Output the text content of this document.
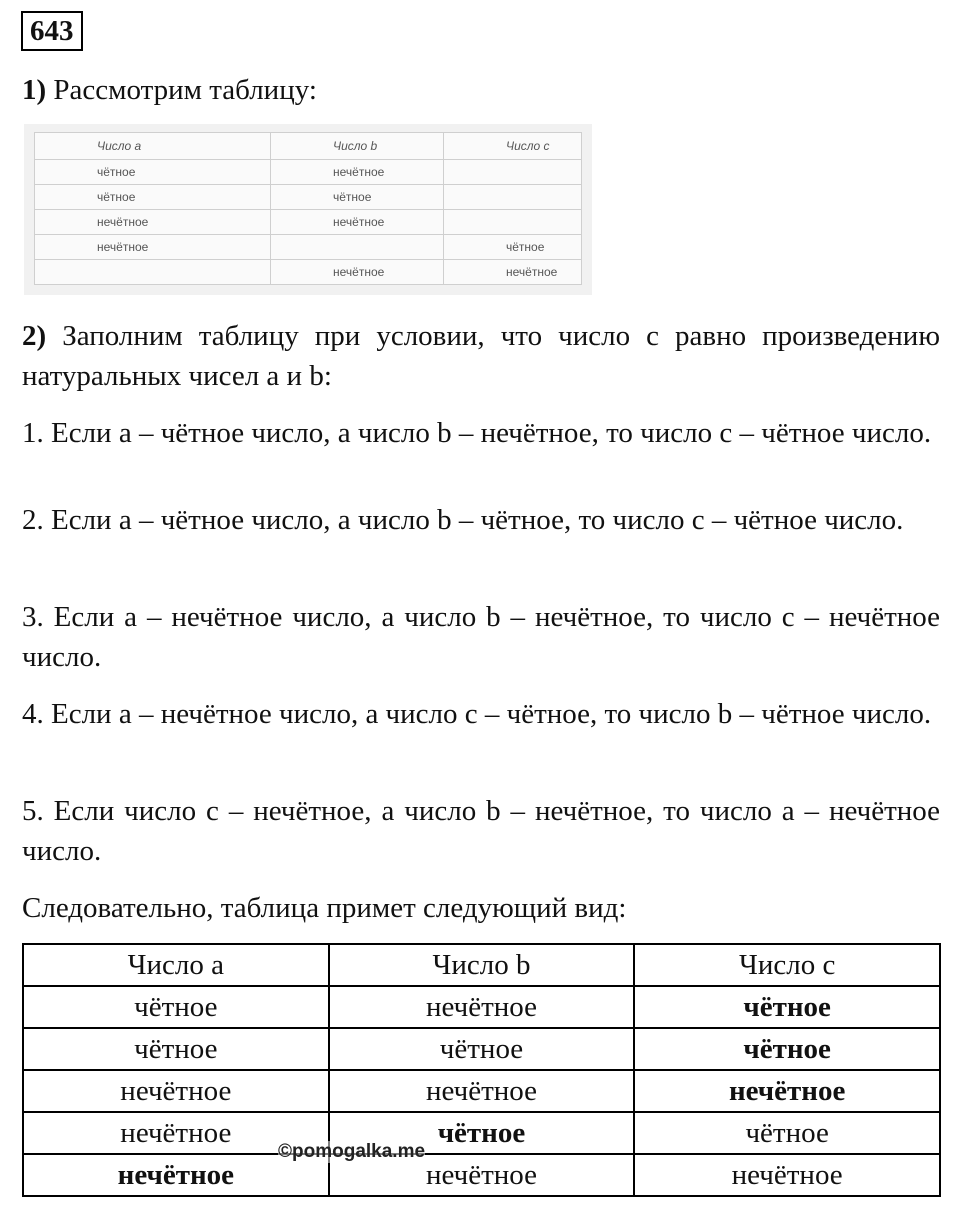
643

1) Рассмотрим таблицу:

Число a	Число b	Число c
чётное	нечётное	
чётное	чётное	
нечётное	нечётное	
нечётное		чётное
	нечётное	нечётное

2) Заполним таблицу при условии, что число c равно произведению натуральных чисел a и b:

1. Если a – чётное число, а число b – нечётное, то число c – чётное число.

2. Если a – чётное число, а число b – чётное, то число c – чётное число.

3. Если a – нечётное число, а число b – нечётное, то число c – нечётное число.

4. Если a – нечётное число, а число c – чётное, то число b – чётное число.

5. Если число c – нечётное, а число b – нечётное, то число a – нечётное число.

Следовательно, таблица примет следующий вид:

Число a	Число b	Число c
чётное	нечётное	чётное
чётное	чётное	чётное
нечётное	нечётное	нечётное
нечётное	чётное	чётное
нечётное	нечётное	нечётное
©pomogalka.me
